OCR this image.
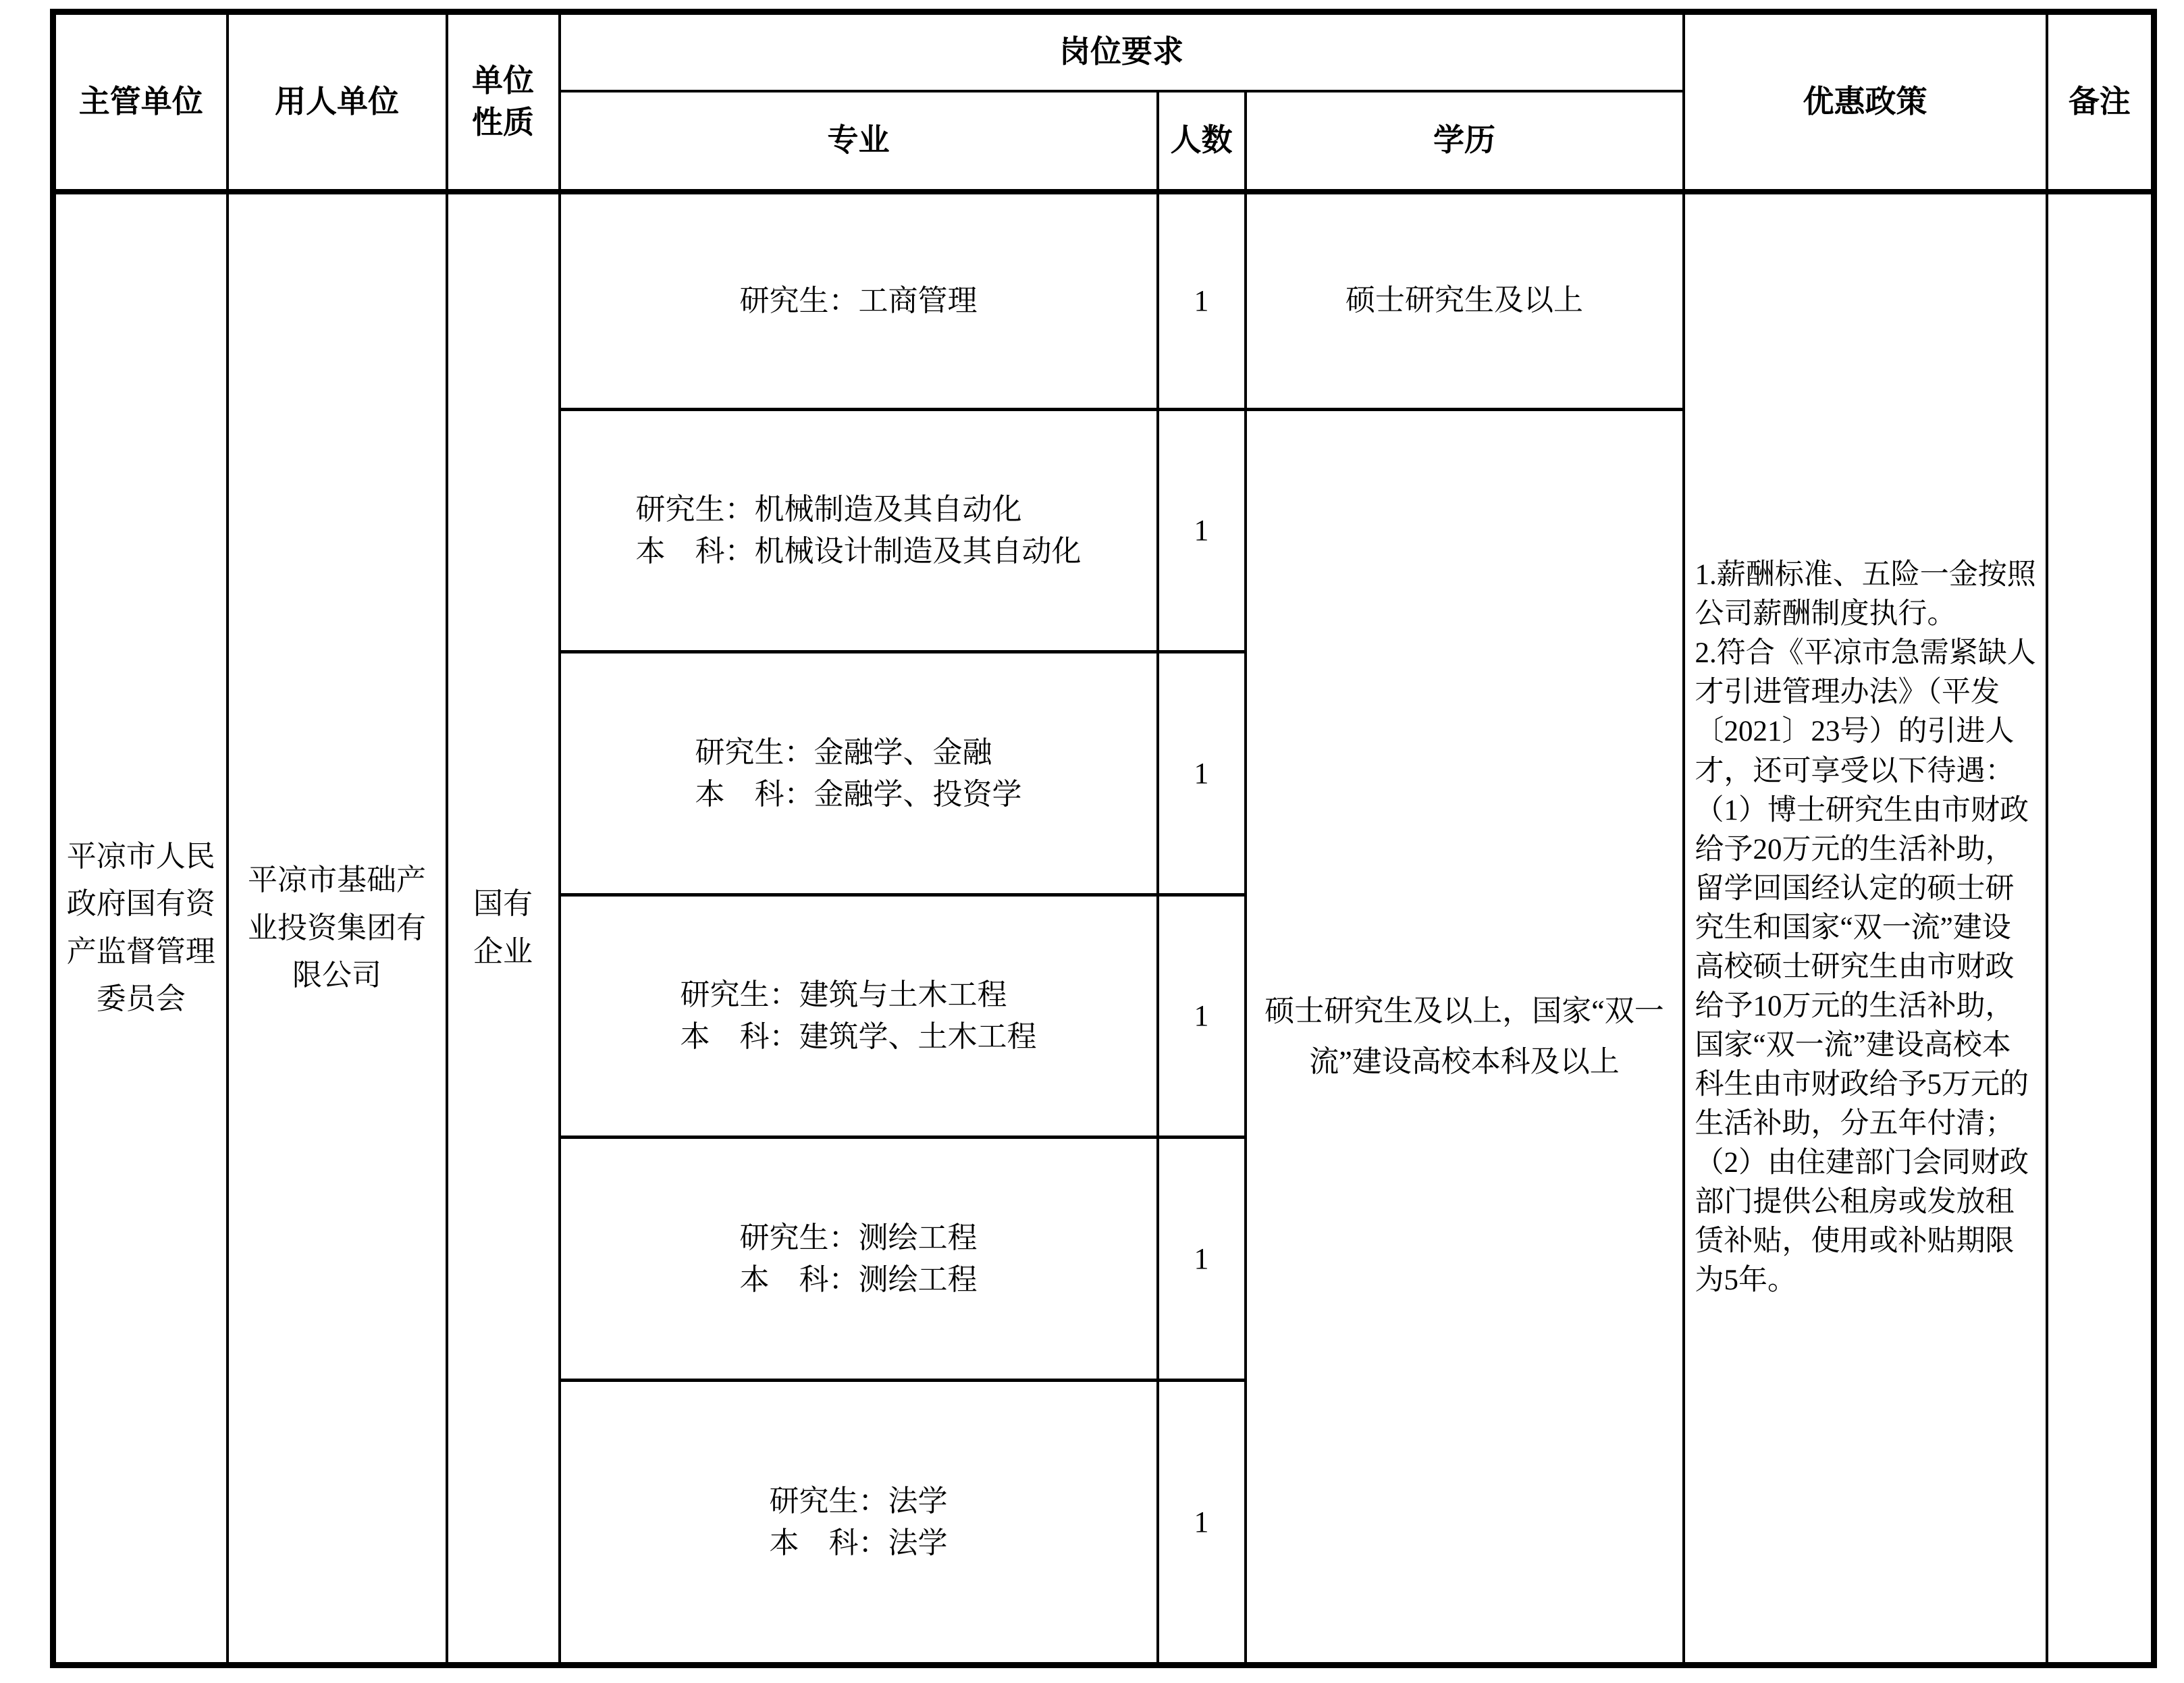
主管单位	用人单位	单位性质	岗位要求			优惠政策	备注
			专业	人数	学历		
平凉市人民政府国有资产监督管理委员会	平凉市基础产业投资集团有限公司	国有企业	研究生：工商管理	1	硕士研究生及以上	1.薪酬标准、五险一金按照公司薪酬制度执行。
2.符合《平凉市急需紧缺人才引进管理办法》（平发〔2021〕23号）的引进人才，还可享受以下待遇：
（1）博士研究生由市财政给予20万元的生活补助，留学回国经认定的硕士研究生和国家“双一流”建设高校硕士研究生由市财政给予10万元的生活补助，国家“双一流”建设高校本科生由市财政给予5万元的生活补助，分五年付清；
（2）由住建部门会同财政部门提供公租房或发放租赁补贴，使用或补贴期限为5年。	

			研究生：机械制造及其自动化
本　科：机械设计制造及其自动化	1	硕士研究生及以上，国家“双一流”建设高校本科及以上		

			研究生：金融学、金融
本　科：金融学、投资学	1			

			研究生：建筑与土木工程
本　科：建筑学、土木工程	1			

			研究生：测绘工程
本　科：测绘工程	1			

			研究生：法学
本　科：法学	1			
